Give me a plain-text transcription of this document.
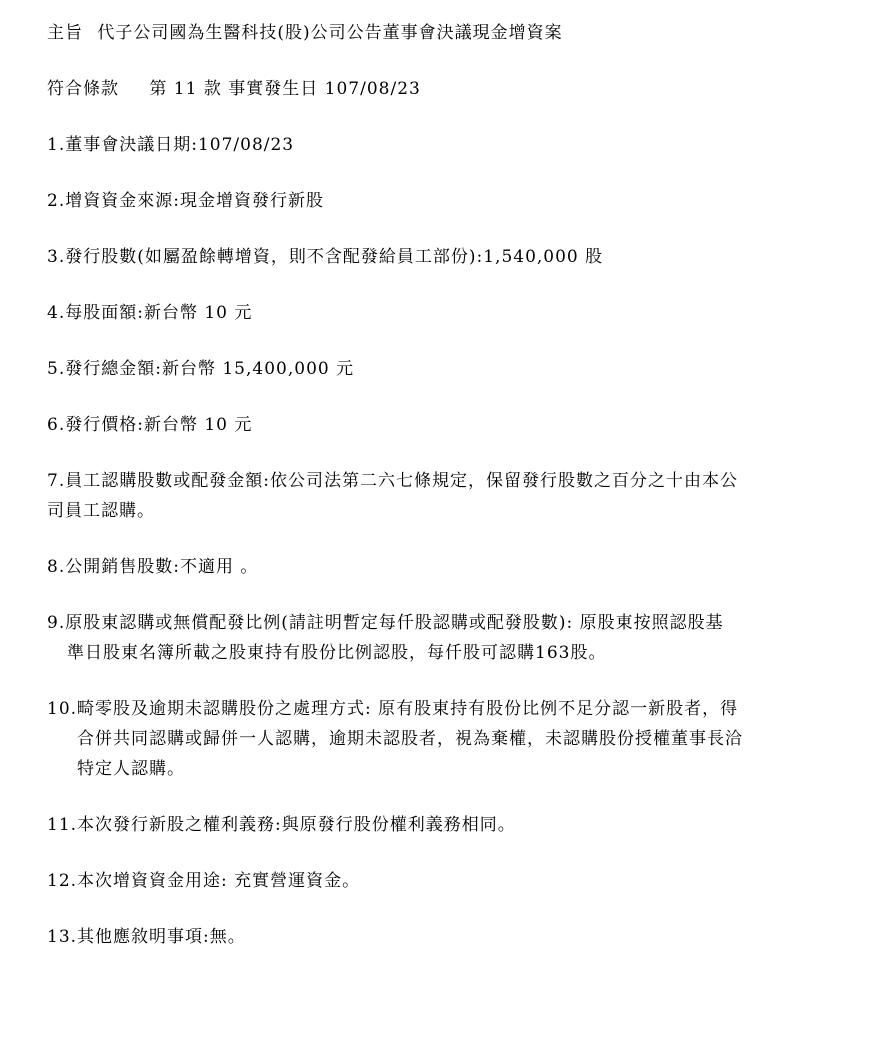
主旨 代子公司國為生醫科技(股)公司公告董事會決議現金增資案
符合條款 第 11 款 事實發生日 107/08/23
1.董事會決議日期:107/08/23
2.增資資金來源:現金增資發行新股
3.發行股數(如屬盈餘轉增資，則不含配發給員工部份):1,540,000 股
4.每股面額:新台幣 10 元
5.發行總金額:新台幣 15,400,000 元
6.發行價格:新台幣 10 元
7.員工認購股數或配發金額:依公司法第二六七條規定，保留發行股數之百分之十由本公
司員工認購。
8.公開銷售股數:不適用 。
9.原股東認購或無償配發比例(請註明暫定每仟股認購或配發股數): 原股東按照認股基
準日股東名簿所載之股東持有股份比例認股，每仟股可認購163股。
10.畸零股及逾期未認購股份之處理方式: 原有股東持有股份比例不足分認一新股者，得
合併共同認購或歸併一人認購，逾期未認股者，視為棄權，未認購股份授權董事長洽
特定人認購。
11.本次發行新股之權利義務:與原發行股份權利義務相同。
12.本次增資資金用途: 充實營運資金。
13.其他應敘明事項:無。
